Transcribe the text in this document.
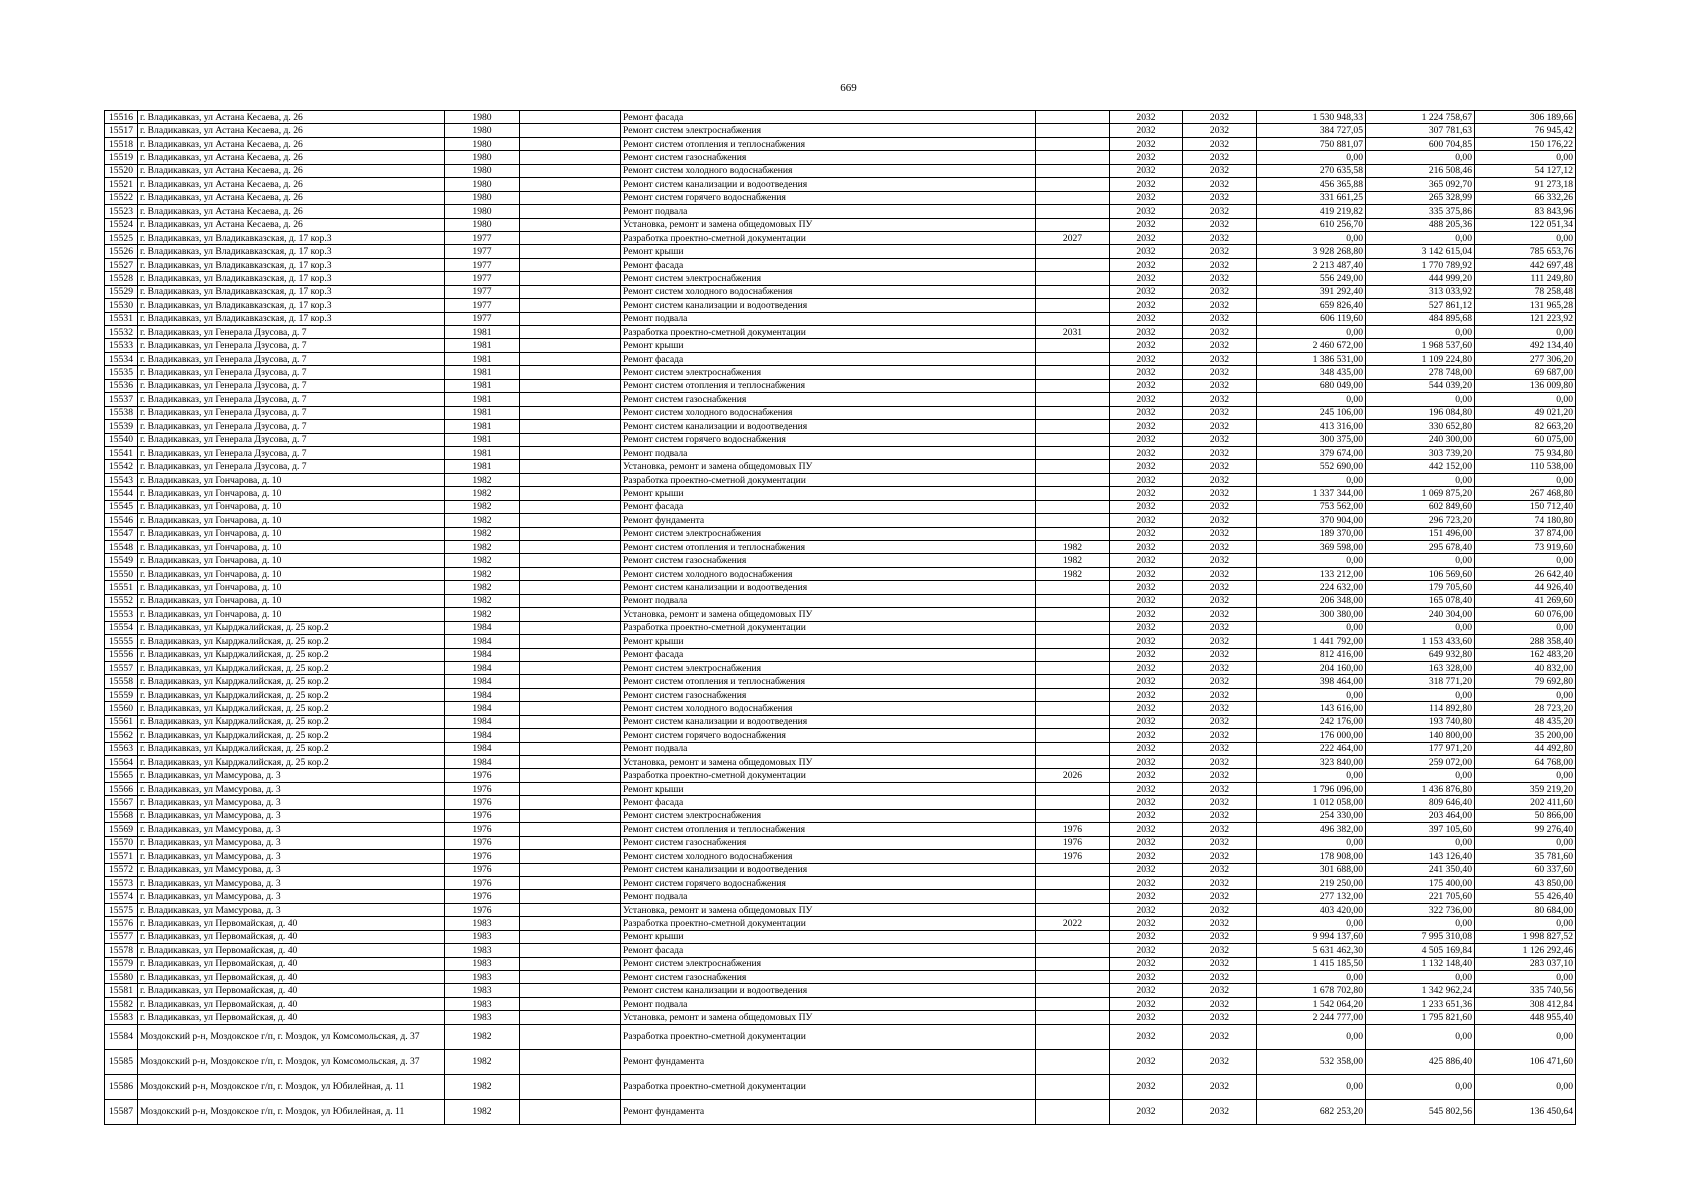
669
15516	г. Владикавказ, ул Астана Кесаева, д. 26	1980		Ремонт фасада		2032	2032	1 530 948,33	1 224 758,67	306 189,66
15517	г. Владикавказ, ул Астана Кесаева, д. 26	1980		Ремонт систем электроснабжения		2032	2032	384 727,05	307 781,63	76 945,42
15518	г. Владикавказ, ул Астана Кесаева, д. 26	1980		Ремонт систем отопления и теплоснабжения		2032	2032	750 881,07	600 704,85	150 176,22
15519	г. Владикавказ, ул Астана Кесаева, д. 26	1980		Ремонт систем газоснабжения		2032	2032	0,00	0,00	0,00
15520	г. Владикавказ, ул Астана Кесаева, д. 26	1980		Ремонт систем холодного водоснабжения		2032	2032	270 635,58	216 508,46	54 127,12
15521	г. Владикавказ, ул Астана Кесаева, д. 26	1980		Ремонт систем канализации и водоотведения		2032	2032	456 365,88	365 092,70	91 273,18
15522	г. Владикавказ, ул Астана Кесаева, д. 26	1980		Ремонт систем горячего водоснабжения		2032	2032	331 661,25	265 328,99	66 332,26
15523	г. Владикавказ, ул Астана Кесаева, д. 26	1980		Ремонт подвала		2032	2032	419 219,82	335 375,86	83 843,96
15524	г. Владикавказ, ул Астана Кесаева, д. 26	1980		Установка, ремонт и замена общедомовых ПУ		2032	2032	610 256,70	488 205,36	122 051,34
15525	г. Владикавказ, ул Владикавказская, д. 17 кор.3	1977		Разработка проектно-сметной документации	2027	2032	2032	0,00	0,00	0,00
15526	г. Владикавказ, ул Владикавказская, д. 17 кор.3	1977		Ремонт крыши		2032	2032	3 928 268,80	3 142 615,04	785 653,76
15527	г. Владикавказ, ул Владикавказская, д. 17 кор.3	1977		Ремонт фасада		2032	2032	2 213 487,40	1 770 789,92	442 697,48
15528	г. Владикавказ, ул Владикавказская, д. 17 кор.3	1977		Ремонт систем электроснабжения		2032	2032	556 249,00	444 999,20	111 249,80
15529	г. Владикавказ, ул Владикавказская, д. 17 кор.3	1977		Ремонт систем холодного водоснабжения		2032	2032	391 292,40	313 033,92	78 258,48
15530	г. Владикавказ, ул Владикавказская, д. 17 кор.3	1977		Ремонт систем канализации и водоотведения		2032	2032	659 826,40	527 861,12	131 965,28
15531	г. Владикавказ, ул Владикавказская, д. 17 кор.3	1977		Ремонт подвала		2032	2032	606 119,60	484 895,68	121 223,92
15532	г. Владикавказ, ул Генерала Дзусова, д. 7	1981		Разработка проектно-сметной документации	2031	2032	2032	0,00	0,00	0,00
15533	г. Владикавказ, ул Генерала Дзусова, д. 7	1981		Ремонт крыши		2032	2032	2 460 672,00	1 968 537,60	492 134,40
15534	г. Владикавказ, ул Генерала Дзусова, д. 7	1981		Ремонт фасада		2032	2032	1 386 531,00	1 109 224,80	277 306,20
15535	г. Владикавказ, ул Генерала Дзусова, д. 7	1981		Ремонт систем электроснабжения		2032	2032	348 435,00	278 748,00	69 687,00
15536	г. Владикавказ, ул Генерала Дзусова, д. 7	1981		Ремонт систем отопления и теплоснабжения		2032	2032	680 049,00	544 039,20	136 009,80
15537	г. Владикавказ, ул Генерала Дзусова, д. 7	1981		Ремонт систем газоснабжения		2032	2032	0,00	0,00	0,00
15538	г. Владикавказ, ул Генерала Дзусова, д. 7	1981		Ремонт систем холодного водоснабжения		2032	2032	245 106,00	196 084,80	49 021,20
15539	г. Владикавказ, ул Генерала Дзусова, д. 7	1981		Ремонт систем канализации и водоотведения		2032	2032	413 316,00	330 652,80	82 663,20
15540	г. Владикавказ, ул Генерала Дзусова, д. 7	1981		Ремонт систем горячего водоснабжения		2032	2032	300 375,00	240 300,00	60 075,00
15541	г. Владикавказ, ул Генерала Дзусова, д. 7	1981		Ремонт подвала		2032	2032	379 674,00	303 739,20	75 934,80
15542	г. Владикавказ, ул Генерала Дзусова, д. 7	1981		Установка, ремонт и замена общедомовых ПУ		2032	2032	552 690,00	442 152,00	110 538,00
15543	г. Владикавказ, ул Гончарова, д. 10	1982		Разработка проектно-сметной документации		2032	2032	0,00	0,00	0,00
15544	г. Владикавказ, ул Гончарова, д. 10	1982		Ремонт крыши		2032	2032	1 337 344,00	1 069 875,20	267 468,80
15545	г. Владикавказ, ул Гончарова, д. 10	1982		Ремонт фасада		2032	2032	753 562,00	602 849,60	150 712,40
15546	г. Владикавказ, ул Гончарова, д. 10	1982		Ремонт фундамента		2032	2032	370 904,00	296 723,20	74 180,80
15547	г. Владикавказ, ул Гончарова, д. 10	1982		Ремонт систем электроснабжения		2032	2032	189 370,00	151 496,00	37 874,00
15548	г. Владикавказ, ул Гончарова, д. 10	1982		Ремонт систем отопления и теплоснабжения	1982	2032	2032	369 598,00	295 678,40	73 919,60
15549	г. Владикавказ, ул Гончарова, д. 10	1982		Ремонт систем газоснабжения	1982	2032	2032	0,00	0,00	0,00
15550	г. Владикавказ, ул Гончарова, д. 10	1982		Ремонт систем холодного водоснабжения	1982	2032	2032	133 212,00	106 569,60	26 642,40
15551	г. Владикавказ, ул Гончарова, д. 10	1982		Ремонт систем канализации и водоотведения		2032	2032	224 632,00	179 705,60	44 926,40
15552	г. Владикавказ, ул Гончарова, д. 10	1982		Ремонт подвала		2032	2032	206 348,00	165 078,40	41 269,60
15553	г. Владикавказ, ул Гончарова, д. 10	1982		Установка, ремонт и замена общедомовых ПУ		2032	2032	300 380,00	240 304,00	60 076,00
15554	г. Владикавказ, ул Кырджалийская, д. 25 кор.2	1984		Разработка проектно-сметной документации		2032	2032	0,00	0,00	0,00
15555	г. Владикавказ, ул Кырджалийская, д. 25 кор.2	1984		Ремонт крыши		2032	2032	1 441 792,00	1 153 433,60	288 358,40
15556	г. Владикавказ, ул Кырджалийская, д. 25 кор.2	1984		Ремонт фасада		2032	2032	812 416,00	649 932,80	162 483,20
15557	г. Владикавказ, ул Кырджалийская, д. 25 кор.2	1984		Ремонт систем электроснабжения		2032	2032	204 160,00	163 328,00	40 832,00
15558	г. Владикавказ, ул Кырджалийская, д. 25 кор.2	1984		Ремонт систем отопления и теплоснабжения		2032	2032	398 464,00	318 771,20	79 692,80
15559	г. Владикавказ, ул Кырджалийская, д. 25 кор.2	1984		Ремонт систем газоснабжения		2032	2032	0,00	0,00	0,00
15560	г. Владикавказ, ул Кырджалийская, д. 25 кор.2	1984		Ремонт систем холодного водоснабжения		2032	2032	143 616,00	114 892,80	28 723,20
15561	г. Владикавказ, ул Кырджалийская, д. 25 кор.2	1984		Ремонт систем канализации и водоотведения		2032	2032	242 176,00	193 740,80	48 435,20
15562	г. Владикавказ, ул Кырджалийская, д. 25 кор.2	1984		Ремонт систем горячего водоснабжения		2032	2032	176 000,00	140 800,00	35 200,00
15563	г. Владикавказ, ул Кырджалийская, д. 25 кор.2	1984		Ремонт подвала		2032	2032	222 464,00	177 971,20	44 492,80
15564	г. Владикавказ, ул Кырджалийская, д. 25 кор.2	1984		Установка, ремонт и замена общедомовых ПУ		2032	2032	323 840,00	259 072,00	64 768,00
15565	г. Владикавказ, ул Мамсурова, д. 3	1976		Разработка проектно-сметной документации	2026	2032	2032	0,00	0,00	0,00
15566	г. Владикавказ, ул Мамсурова, д. 3	1976		Ремонт крыши		2032	2032	1 796 096,00	1 436 876,80	359 219,20
15567	г. Владикавказ, ул Мамсурова, д. 3	1976		Ремонт фасада		2032	2032	1 012 058,00	809 646,40	202 411,60
15568	г. Владикавказ, ул Мамсурова, д. 3	1976		Ремонт систем электроснабжения		2032	2032	254 330,00	203 464,00	50 866,00
15569	г. Владикавказ, ул Мамсурова, д. 3	1976		Ремонт систем отопления и теплоснабжения	1976	2032	2032	496 382,00	397 105,60	99 276,40
15570	г. Владикавказ, ул Мамсурова, д. 3	1976		Ремонт систем газоснабжения	1976	2032	2032	0,00	0,00	0,00
15571	г. Владикавказ, ул Мамсурова, д. 3	1976		Ремонт систем холодного водоснабжения	1976	2032	2032	178 908,00	143 126,40	35 781,60
15572	г. Владикавказ, ул Мамсурова, д. 3	1976		Ремонт систем канализации и водоотведения		2032	2032	301 688,00	241 350,40	60 337,60
15573	г. Владикавказ, ул Мамсурова, д. 3	1976		Ремонт систем горячего водоснабжения		2032	2032	219 250,00	175 400,00	43 850,00
15574	г. Владикавказ, ул Мамсурова, д. 3	1976		Ремонт подвала		2032	2032	277 132,00	221 705,60	55 426,40
15575	г. Владикавказ, ул Мамсурова, д. 3	1976		Установка, ремонт и замена общедомовых ПУ		2032	2032	403 420,00	322 736,00	80 684,00
15576	г. Владикавказ, ул Первомайская, д. 40	1983		Разработка проектно-сметной документации	2022	2032	2032	0,00	0,00	0,00
15577	г. Владикавказ, ул Первомайская, д. 40	1983		Ремонт крыши		2032	2032	9 994 137,60	7 995 310,08	1 998 827,52
15578	г. Владикавказ, ул Первомайская, д. 40	1983		Ремонт фасада		2032	2032	5 631 462,30	4 505 169,84	1 126 292,46
15579	г. Владикавказ, ул Первомайская, д. 40	1983		Ремонт систем электроснабжения		2032	2032	1 415 185,50	1 132 148,40	283 037,10
15580	г. Владикавказ, ул Первомайская, д. 40	1983		Ремонт систем газоснабжения		2032	2032	0,00	0,00	0,00
15581	г. Владикавказ, ул Первомайская, д. 40	1983		Ремонт систем канализации и водоотведения		2032	2032	1 678 702,80	1 342 962,24	335 740,56
15582	г. Владикавказ, ул Первомайская, д. 40	1983		Ремонт подвала		2032	2032	1 542 064,20	1 233 651,36	308 412,84
15583	г. Владикавказ, ул Первомайская, д. 40	1983		Установка, ремонт и замена общедомовых ПУ		2032	2032	2 244 777,00	1 795 821,60	448 955,40
15584	Моздокский р-н, Моздокское г/п, г. Моздок, ул Комсомольская, д. 37	1982		Разработка проектно-сметной документации		2032	2032	0,00	0,00	0,00
15585	Моздокский р-н, Моздокское г/п, г. Моздок, ул Комсомольская, д. 37	1982		Ремонт фундамента		2032	2032	532 358,00	425 886,40	106 471,60
15586	Моздокский р-н, Моздокское г/п, г. Моздок, ул Юбилейная, д. 11	1982		Разработка проектно-сметной документации		2032	2032	0,00	0,00	0,00
15587	Моздокский р-н, Моздокское г/п, г. Моздок, ул Юбилейная, д. 11	1982		Ремонт фундамента		2032	2032	682 253,20	545 802,56	136 450,64
